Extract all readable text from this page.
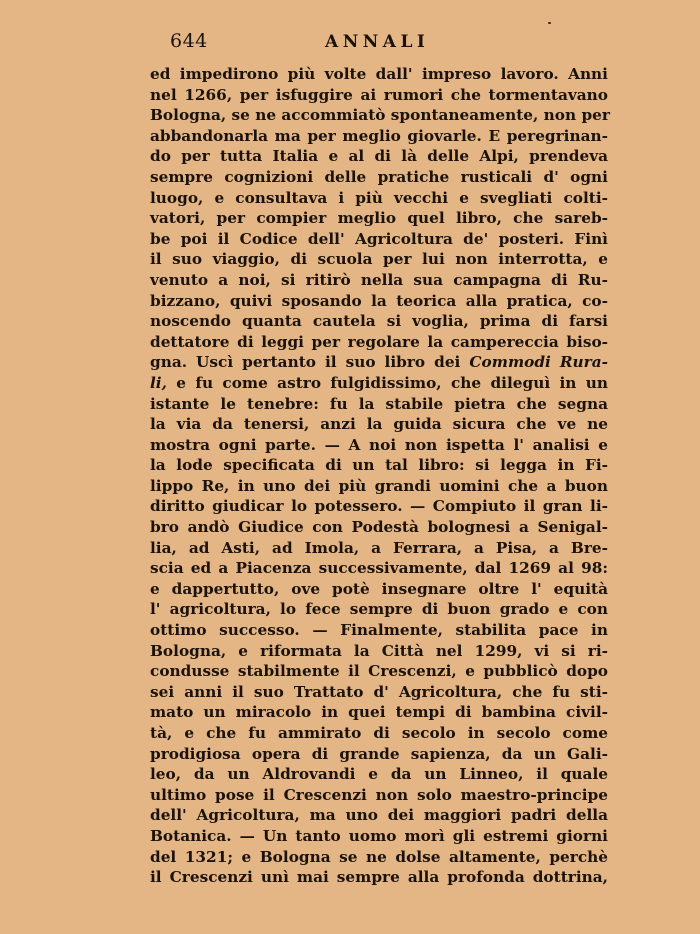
644	ANNALI
ed impedirono più volte dall' impreso lavoro. Anni
nel 1266, per isfuggire ai rumori che tormentavano
Bologna, se ne accommiatò spontaneamente, non per
abbandonarla ma per meglio giovarle. E peregrinan-
do per tutta Italia e al di là delle Alpi, prendeva
sempre cognizioni delle pratiche rusticali d' ogni
luogo, e consultava i più vecchi e svegliati colti-
vatori, per compier meglio quel libro, che sareb-
be poi il Codice dell' Agricoltura de' posteri. Finì
il suo viaggio, di scuola per lui non interrotta, e
venuto a noi, si ritirò nella sua campagna di Ru-
bizzano, quivi sposando la teorica alla pratica, co-
noscendo quanta cautela si voglia, prima di farsi
dettatore di leggi per regolare la campereccia biso-
gna. Uscì pertanto il suo libro dei Commodi Rura-
li, e fu come astro fulgidissimo, che dileguì in un
istante le tenebre: fu la stabile pietra che segna
la via da tenersi, anzi la guida sicura che ve ne
mostra ogni parte. — A noi non ispetta l' analisi e
la lode specificata di un tal libro: si legga in Fi-
lippo Re, in uno dei più grandi uomini che a buon
diritto giudicar lo potessero. — Compiuto il gran li-
bro andò Giudice con Podestà bolognesi a Senigal-
lia, ad Asti, ad Imola, a Ferrara, a Pisa, a Bre-
scia ed a Piacenza successivamente, dal 1269 al 98:
e dappertutto, ove potè insegnare oltre l' equità
l' agricoltura, lo fece sempre di buon grado e con
ottimo successo. — Finalmente, stabilita pace in
Bologna, e riformata la Città nel 1299, vi si ri-
condusse stabilmente il Crescenzi, e pubblicò dopo
sei anni il suo Trattato d' Agricoltura, che fu sti-
mato un miracolo in quei tempi di bambina civil-
tà, e che fu ammirato di secolo in secolo come
prodigiosa opera di grande sapienza, da un Gali-
leo, da un Aldrovandi e da un Linneo, il quale
ultimo pose il Crescenzi non solo maestro-principe
dell' Agricoltura, ma uno dei maggiori padri della
Botanica. — Un tanto uomo morì gli estremi giorni
del 1321; e Bologna se ne dolse altamente, perchè
il Crescenzi unì mai sempre alla profonda dottrina,
